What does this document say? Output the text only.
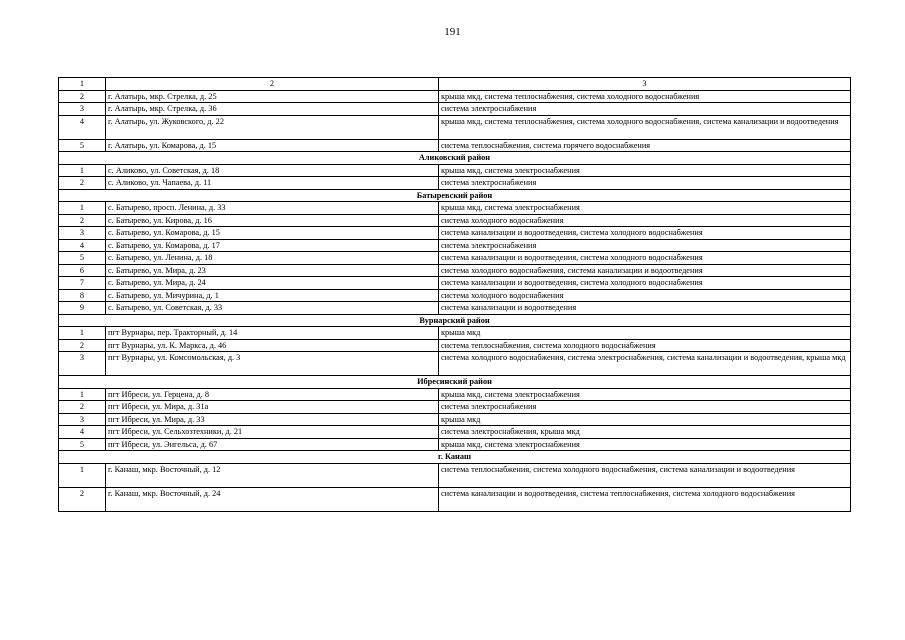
191
1	2	3
2	г. Алатырь, мкр. Стрелка, д. 25	крыша мкд, система теплоснабжения, система холодного водоснабжения
3	г. Алатырь, мкр. Стрелка, д. 36	система электроснабжения
4	г. Алатырь, ул. Жуковского, д. 22	крыша мкд, система теплоснабжения, система холодного водоснабжения, система канализации и водоотведения
5	г. Алатырь, ул. Комарова, д. 15	система теплоснабжения, система горячего водоснабжения
Аликовский район		
1	с. Аликово, ул. Советская, д. 18	крыша мкд, система электроснабжения
2	с. Аликово, ул. Чапаева, д. 11	система электроснабжения
Батыревский район		
1	с. Батырево, просп. Ленина, д. 33	крыша мкд, система электроснабжения
2	с. Батырево, ул. Кирова, д. 16	система холодного водоснабжения
3	с. Батырево, ул. Комарова, д. 15	система канализации и водоотведения, система холодного водоснабжения
4	с. Батырево, ул. Комарова, д. 17	система электроснабжения
5	с. Батырево, ул. Ленина, д. 18	система канализации и водоотведения, система холодного водоснабжения
6	с. Батырево, ул. Мира, д. 23	система холодного водоснабжения, система канализации и водоотведения
7	с. Батырево, ул. Мира, д. 24	система канализации и водоотведения, система холодного водоснабжения
8	с. Батырево, ул. Мичурина, д. 1	система холодного водоснабжения
9	с. Батырево, ул. Советская, д. 33	система канализации и водоотведения
Вурнарский район		
1	пгт Вурнары, пер. Тракторный, д. 14	крыша мкд
2	пгт Вурнары, ул. К. Маркса, д. 46	система теплоснабжения, система холодного водоснабжения
3	пгт Вурнары, ул. Комсомольская, д. 3	система холодного водоснабжения, система электроснабжения, система канализации и водоотведения, крыша мкд
Ибресинский район		
1	пгт Ибреси, ул. Герцена, д. 8	крыша мкд, система электроснабжения
2	пгт Ибреси, ул. Мира, д. 31а	система электроснабжения
3	пгт Ибреси, ул. Мира, д. 33	крыша мкд
4	пгт Ибреси, ул. Сельхозтехники, д. 21	система электроснабжения, крыша мкд
5	пгт Ибреси, ул. Энгельса, д. 67	крыша мкд, система электроснабжения
г. Канаш		
1	г. Канаш, мкр. Восточный, д. 12	система теплоснабжения, система холодного водоснабжения, система канализации и водоотведения
2	г. Канаш, мкр. Восточный, д. 24	система канализации и водоотведения, система теплоснабжения, система холодного водоснабжения
